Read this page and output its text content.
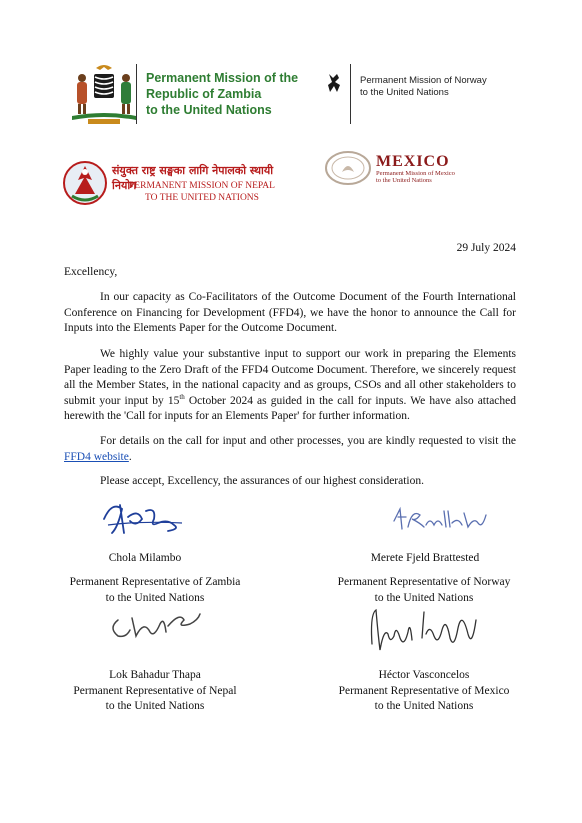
Permanent Mission of the
Republic of Zambia
to the United Nations
Permanent Mission of Norway
to the United Nations
संयुक्त राष्ट्र सङ्घका लागि नेपालको स्थायी नियोग
PERMANENT MISSION OF NEPAL
TO THE UNITED NATIONS
MEXICO
Permanent Mission of Mexico
to the United Nations
29 July 2024
Excellency,

In our capacity as Co-Facilitators of the Outcome Document of the Fourth International Conference on Financing for Development (FFD4), we have the honor to announce the Call for Inputs into the Elements Paper for the Outcome Document.

We highly value your substantive input to support our work in preparing the Elements Paper leading to the Zero Draft of the FFD4 Outcome Document. Therefore, we sincerely request all the Member States, in the national capacity and as groups, CSOs and all other stakeholders to submit your input by 15th October 2024 as guided in the call for inputs. We have also attached herewith the 'Call for inputs for an Elements Paper' for further information.

For details on the call for input and other processes, you are kindly requested to visit the FFD4 website.

Please accept, Excellency, the assurances of our highest consideration.

Chola Milambo	Merete Fjeld Brattested
Permanent Representative of Zambia
to the United Nations
Permanent Representative of Norway
to the United Nations
Lok Bahadur Thapa
Permanent Representative of Nepal
to the United Nations
Héctor Vasconcelos
Permanent Representative of Mexico
to the United Nations
